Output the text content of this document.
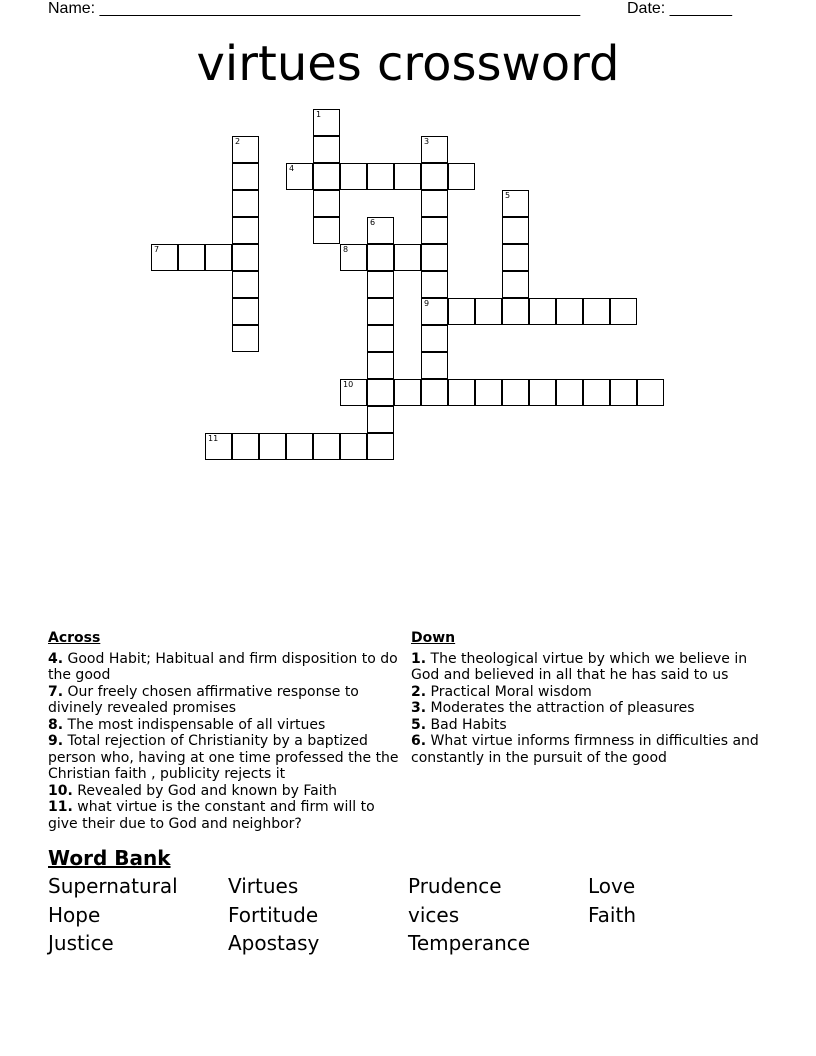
Name: ______________________________________________________	Date: _______
virtues crossword
1
2	3
9
4
5
6
7	8
10
11
Across
4. Good Habit; Habitual and firm disposition to do the good
7. Our freely chosen affirmative response to divinely revealed promises
8. The most indispensable of all virtues
9. Total rejection of Christianity by a baptized person who, having at one time professed the the Christian faith , publicity rejects it
10. Revealed by God and known by Faith
11. what virtue is the constant and firm will to give their due to God and neighbor?
Down
1. The theological virtue by which we believe in God and believed in all that he has said to us
2. Practical Moral wisdom
3. Moderates the attraction of pleasures
5. Bad Habits
6. What virtue informs firmness in difficulties and constantly in the pursuit of the good
Word Bank
Supernatural	Virtues	Prudence	Love
Hope	Fortitude	vices	Faith
Justice	Apostasy	Temperance
